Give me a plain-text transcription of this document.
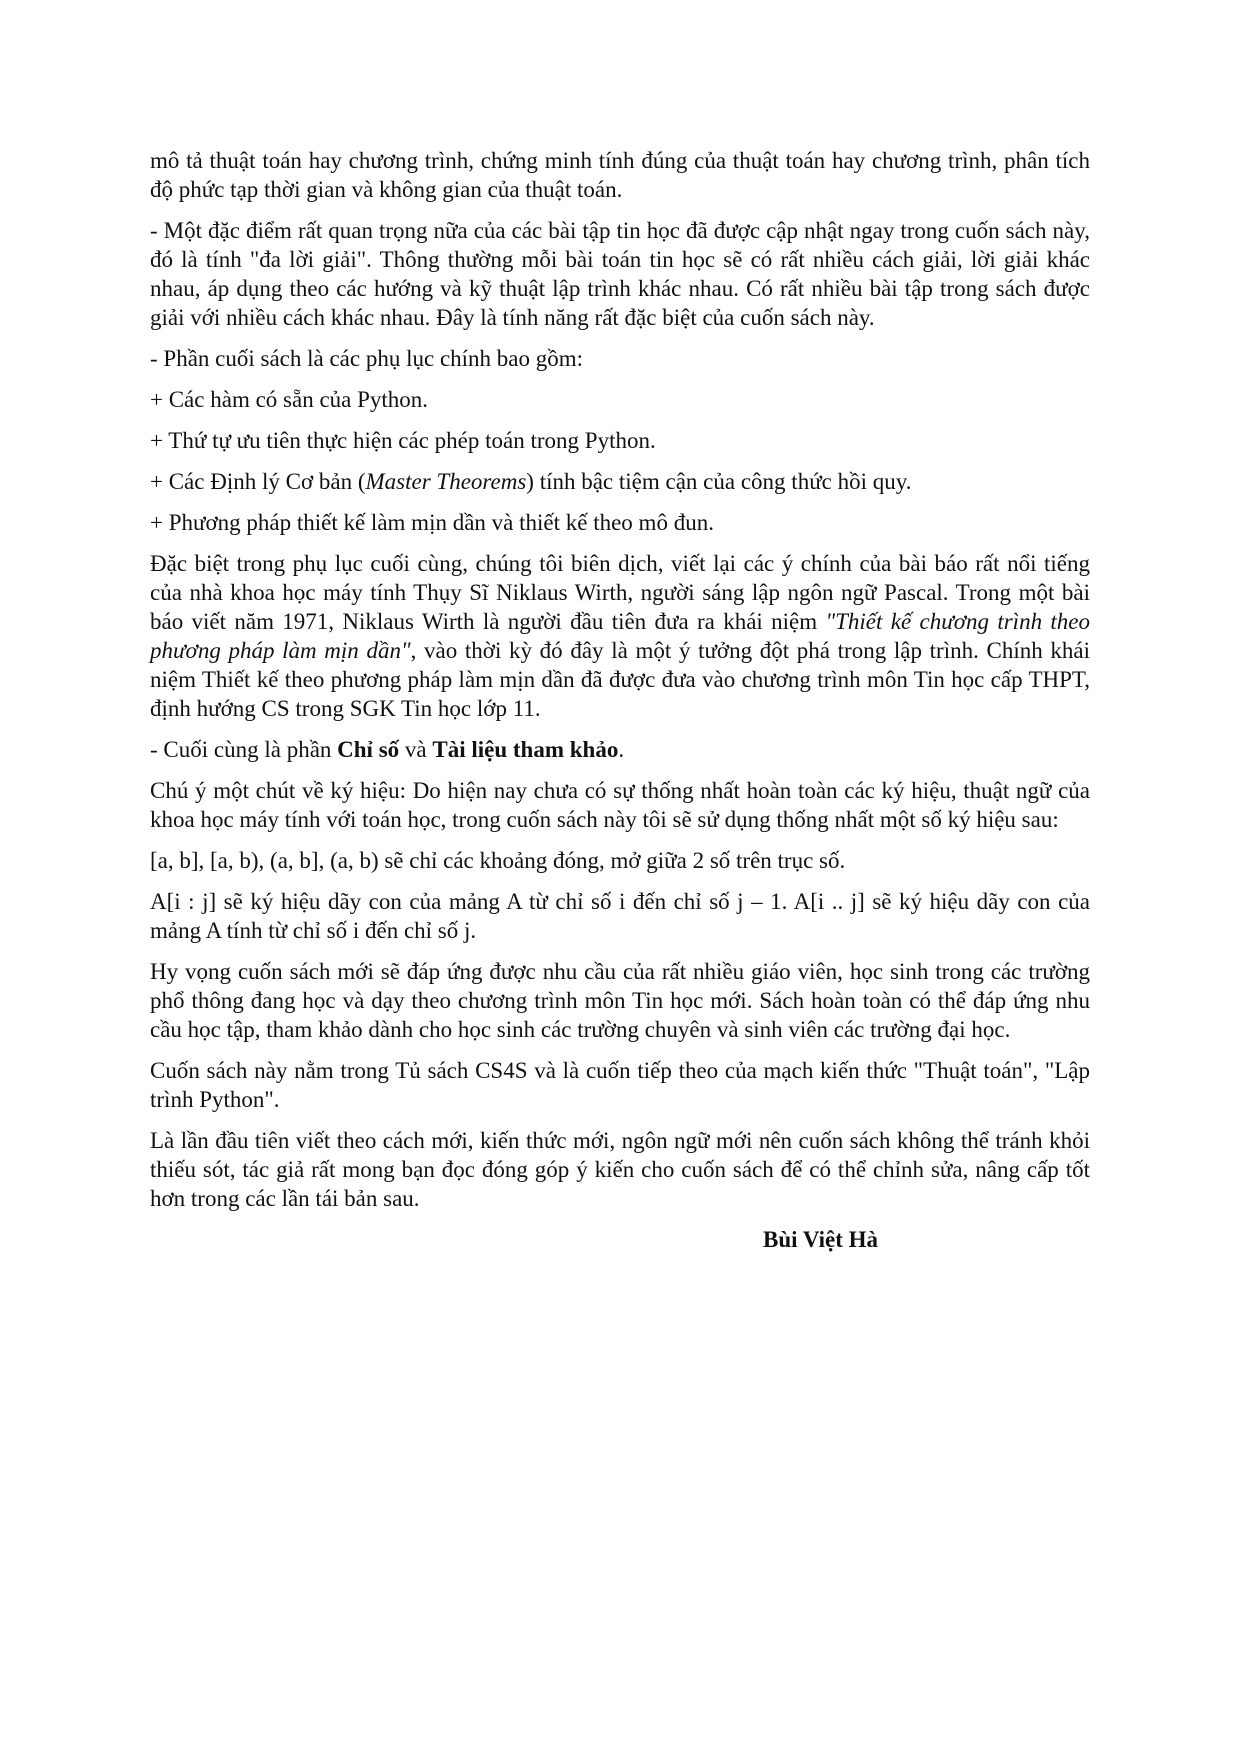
mô tả thuật toán hay chương trình, chứng minh tính đúng của thuật toán hay chương trình, phân tích độ phức tạp thời gian và không gian của thuật toán.

- Một đặc điểm rất quan trọng nữa của các bài tập tin học đã được cập nhật ngay trong cuốn sách này, đó là tính "đa lời giải". Thông thường mỗi bài toán tin học sẽ có rất nhiều cách giải, lời giải khác nhau, áp dụng theo các hướng và kỹ thuật lập trình khác nhau. Có rất nhiều bài tập trong sách được giải với nhiều cách khác nhau. Đây là tính năng rất đặc biệt của cuốn sách này.

- Phần cuối sách là các phụ lục chính bao gồm:

+ Các hàm có sẵn của Python.

+ Thứ tự ưu tiên thực hiện các phép toán trong Python.

+ Các Định lý Cơ bản (Master Theorems) tính bậc tiệm cận của công thức hồi quy.

+ Phương pháp thiết kế làm mịn dần và thiết kế theo mô đun.

Đặc biệt trong phụ lục cuối cùng, chúng tôi biên dịch, viết lại các ý chính của bài báo rất nổi tiếng của nhà khoa học máy tính Thụy Sĩ Niklaus Wirth, người sáng lập ngôn ngữ Pascal. Trong một bài báo viết năm 1971, Niklaus Wirth là người đầu tiên đưa ra khái niệm "Thiết kế chương trình theo phương pháp làm mịn dần", vào thời kỳ đó đây là một ý tưởng đột phá trong lập trình. Chính khái niệm Thiết kế theo phương pháp làm mịn dần đã được đưa vào chương trình môn Tin học cấp THPT, định hướng CS trong SGK Tin học lớp 11.

- Cuối cùng là phần Chỉ số và Tài liệu tham khảo.

Chú ý một chút về ký hiệu: Do hiện nay chưa có sự thống nhất hoàn toàn các ký hiệu, thuật ngữ của khoa học máy tính với toán học, trong cuốn sách này tôi sẽ sử dụng thống nhất một số ký hiệu sau:

[a, b], [a, b), (a, b], (a, b) sẽ chỉ các khoảng đóng, mở giữa 2 số trên trục số.

A[i : j] sẽ ký hiệu dãy con của mảng A từ chỉ số i đến chỉ số j – 1. A[i .. j] sẽ ký hiệu dãy con của mảng A tính từ chỉ số i đến chỉ số j.

Hy vọng cuốn sách mới sẽ đáp ứng được nhu cầu của rất nhiều giáo viên, học sinh trong các trường phổ thông đang học và dạy theo chương trình môn Tin học mới. Sách hoàn toàn có thể đáp ứng nhu cầu học tập, tham khảo dành cho học sinh các trường chuyên và sinh viên các trường đại học.

Cuốn sách này nằm trong Tủ sách CS4S và là cuốn tiếp theo của mạch kiến thức "Thuật toán", "Lập trình Python".

Là lần đầu tiên viết theo cách mới, kiến thức mới, ngôn ngữ mới nên cuốn sách không thể tránh khỏi thiếu sót, tác giả rất mong bạn đọc đóng góp ý kiến cho cuốn sách để có thể chỉnh sửa, nâng cấp tốt hơn trong các lần tái bản sau.

Bùi Việt Hà
